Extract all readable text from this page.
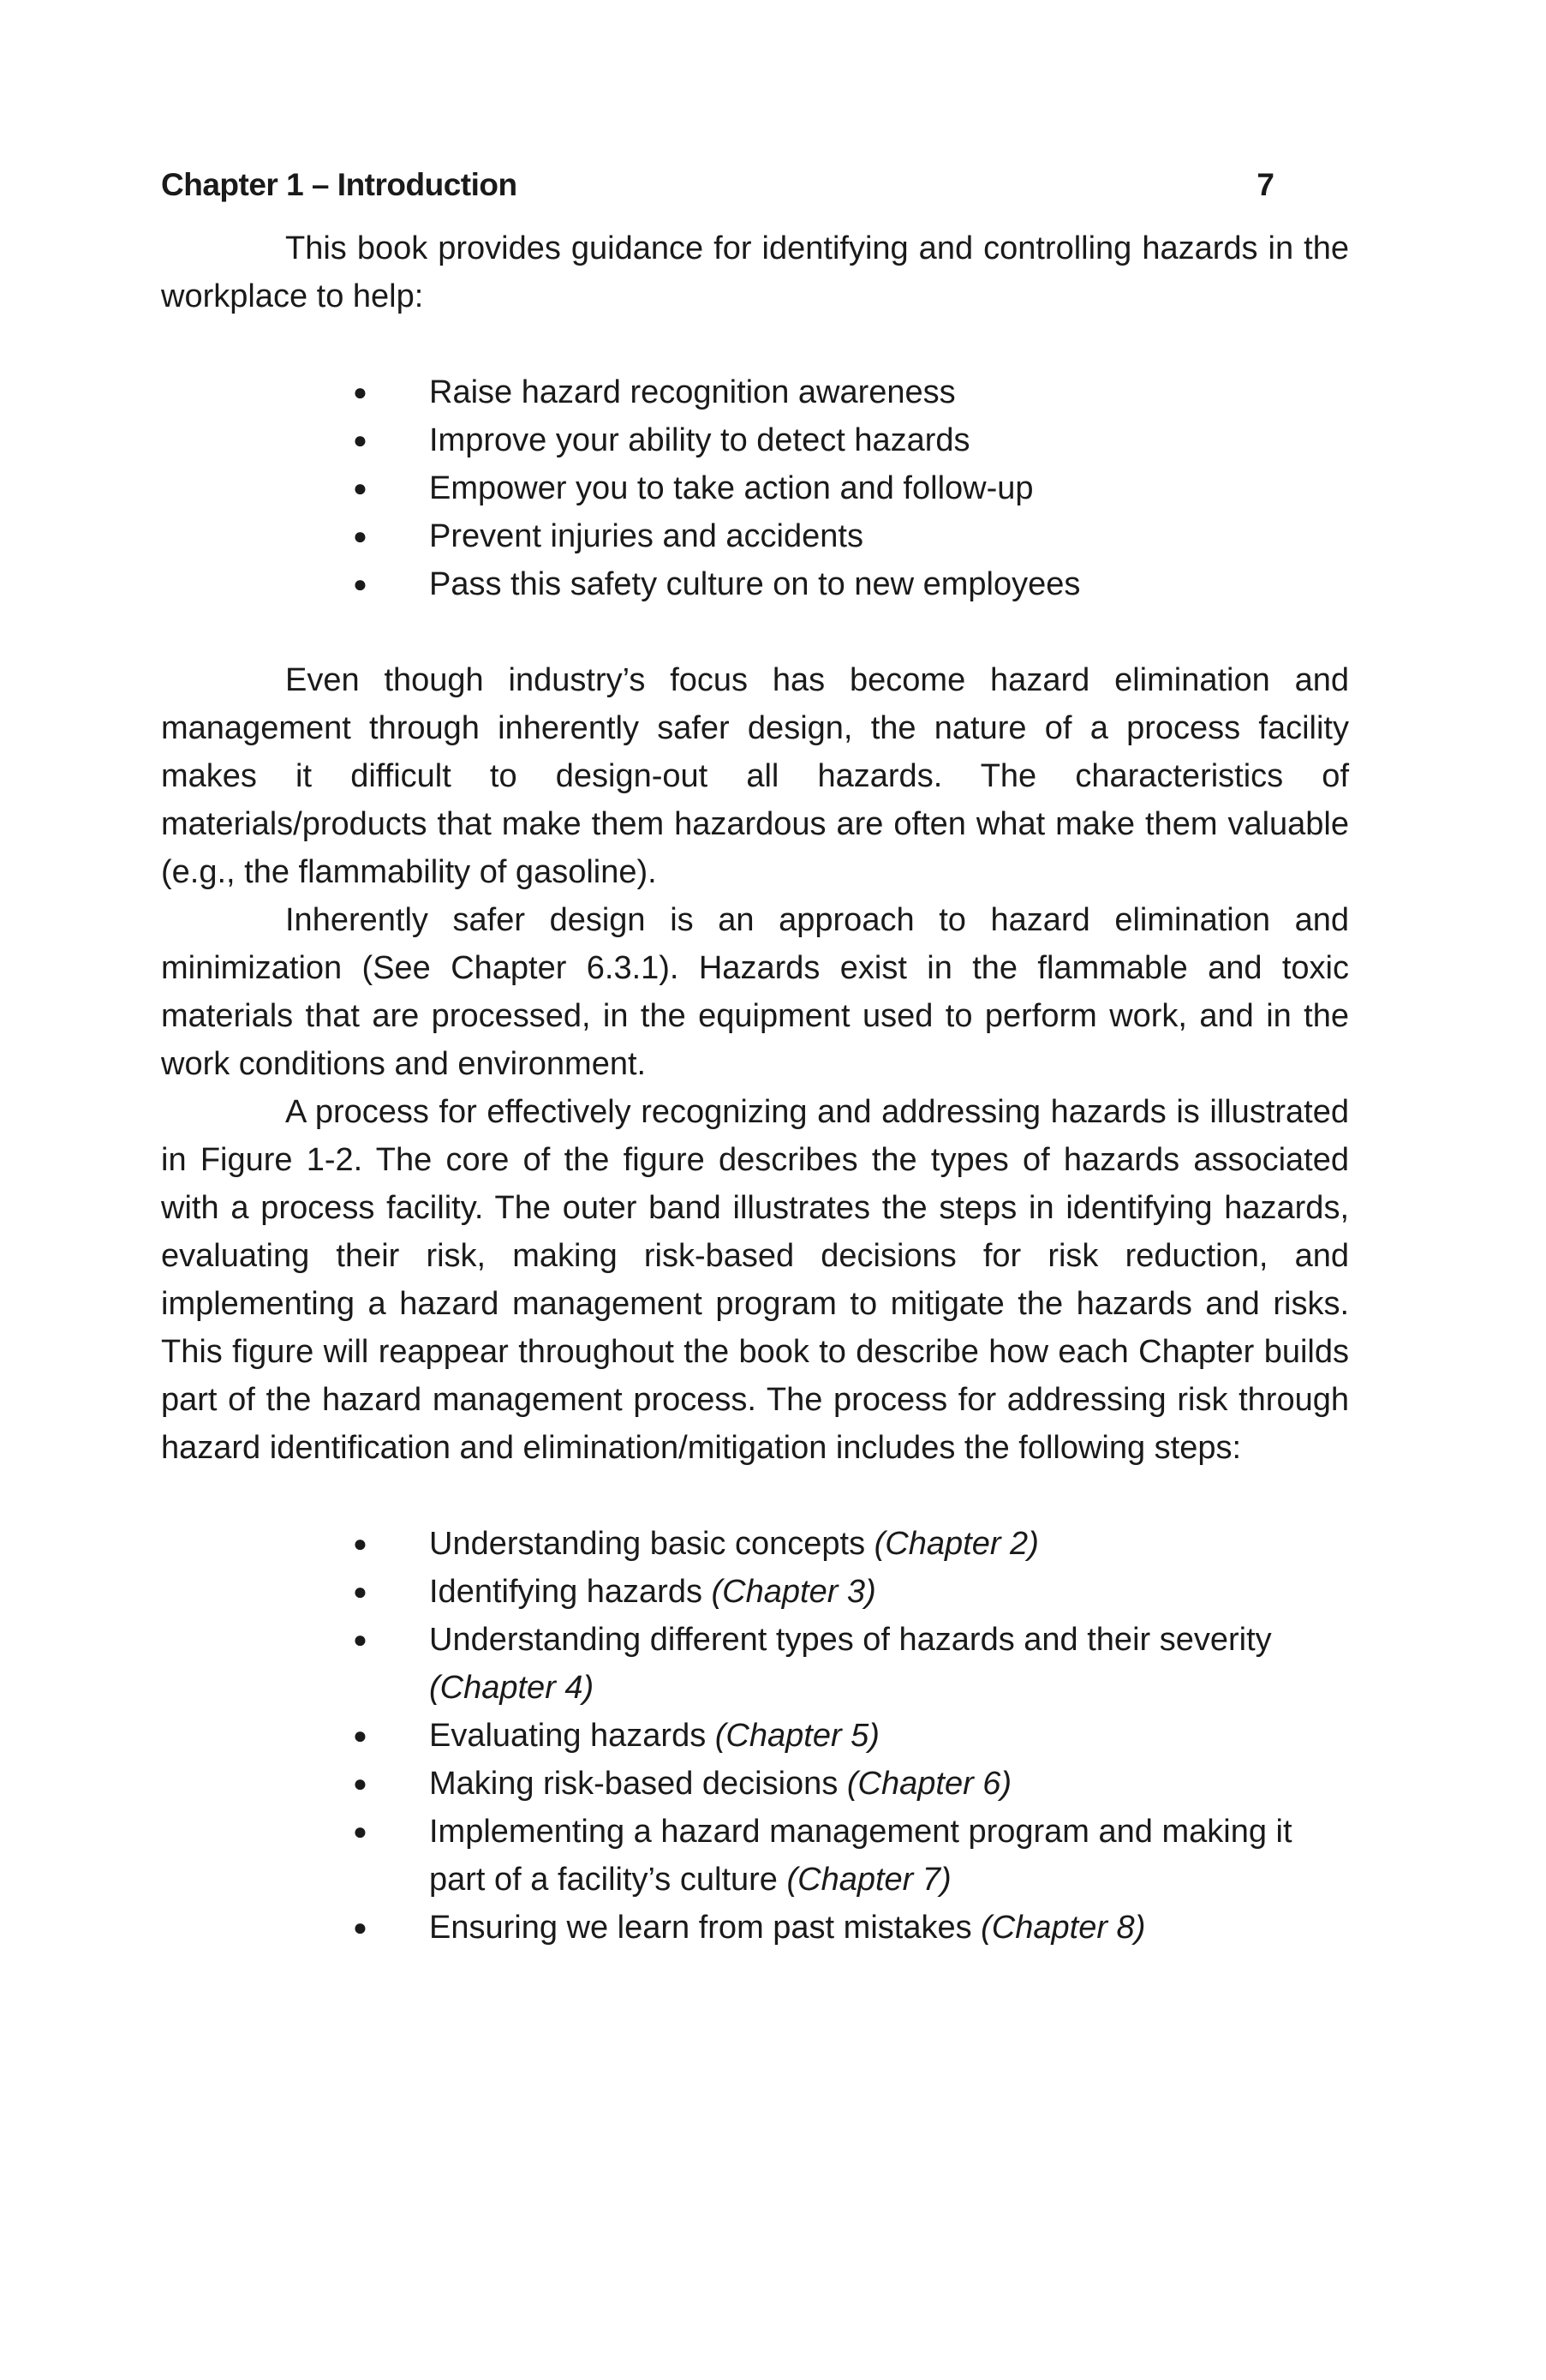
Chapter 1 – Introduction	7

This book provides guidance for identifying and controlling hazards in the workplace to help:

● Raise hazard recognition awareness
● Improve your ability to detect hazards
● Empower you to take action and follow-up
● Prevent injuries and accidents
● Pass this safety culture on to new employees

Even though industry’s focus has become hazard elimination and management through inherently safer design, the nature of a process facility makes it difficult to design-out all hazards. The characteristics of materials/products that make them hazardous are often what make them valuable (e.g., the flammability of gasoline).

Inherently safer design is an approach to hazard elimination and minimization (See Chapter 6.3.1). Hazards exist in the flammable and toxic materials that are processed, in the equipment used to perform work, and in the work conditions and environment.

A process for effectively recognizing and addressing hazards is illustrated in Figure 1-2. The core of the figure describes the types of hazards associated with a process facility. The outer band illustrates the steps in identifying hazards, evaluating their risk, making risk-based decisions for risk reduction, and implementing a hazard management program to mitigate the hazards and risks. This figure will reappear throughout the book to describe how each Chapter builds part of the hazard management process. The process for addressing risk through hazard identification and elimination/mitigation includes the following steps:

● Understanding basic concepts (Chapter 2)
● Identifying hazards (Chapter 3)
● Understanding different types of hazards and their severity (Chapter 4)
● Evaluating hazards (Chapter 5)
● Making risk-based decisions (Chapter 6)
● Implementing a hazard management program and making it part of a facility’s culture (Chapter 7)
● Ensuring we learn from past mistakes (Chapter 8)
